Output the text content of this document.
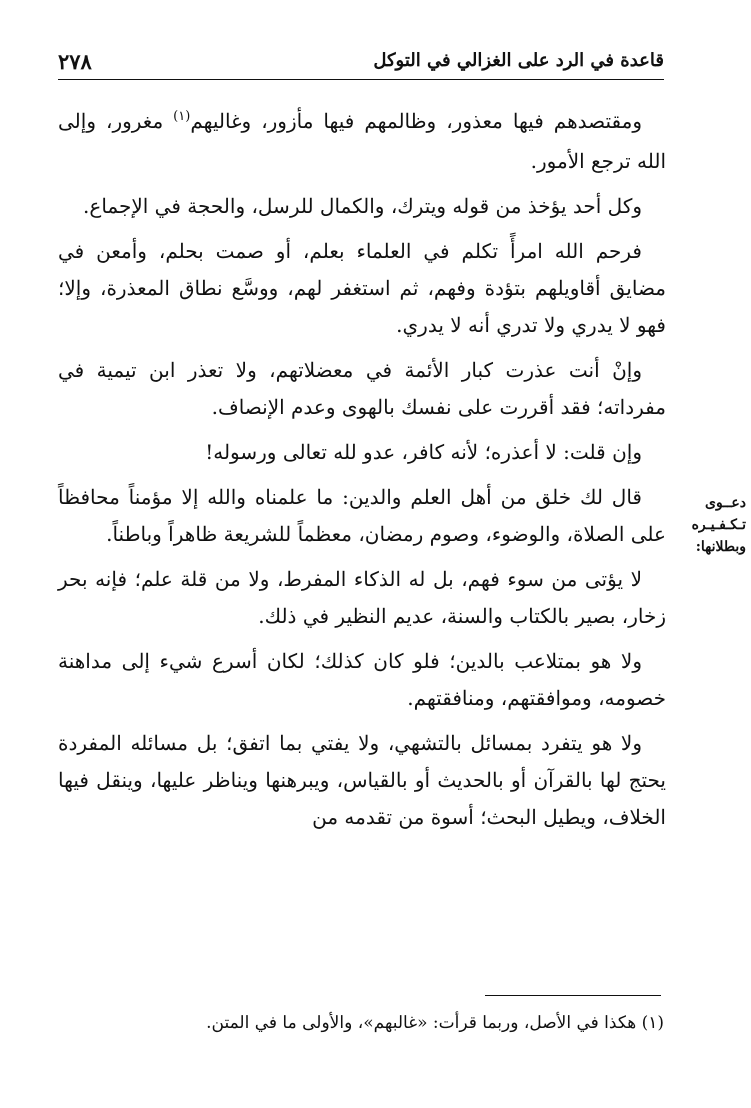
٢٧٨	قاعدة في الرد على الغزالي في التوكل

ومقتصدهم فيها معذور، وظالمهم فيها مأزور، وغاليهم$^{(١)}$ مغرور، وإلى الله ترجع الأمور.

وكل أحد يؤخذ من قوله ويترك، والكمال للرسل، والحجة في الإجماع.

فرحم الله امرأً تكلم في العلماء بعلم، أو صمت بحلم، وأمعن في مضايق أقاويلهم بتؤدة وفهم، ثم استغفر لهم، ووسَّع نطاق المعذرة، وإلا؛ فهو لا يدري ولا تدري أنه لا يدري.

وإنْ أنت عذرت كبار الأئمة في معضلاتهم، ولا تعذر ابن تيمية في مفرداته؛ فقد أقررت على نفسك بالهوى وعدم الإنصاف.

وإن قلت: لا أعذره؛ لأنه كافر، عدو لله تعالى ورسوله!

قال لك خلق من أهل العلم والدين: ما علمناه والله إلا مؤمناً محافظاً على الصلاة، والوضوء، وصوم رمضان، معظماً للشريعة ظاهراً وباطناً.

لا يؤتى من سوء فهم، بل له الذكاء المفرط، ولا من قلة علم؛ فإنه بحر زخار، بصير بالكتاب والسنة، عديم النظير في ذلك.

ولا هو بمتلاعب بالدين؛ فلو كان كذلك؛ لكان أسرع شيء إلى مداهنة خصومه، وموافقتهم، ومنافقتهم.

ولا هو يتفرد بمسائل بالتشهي، ولا يفتي بما اتفق؛ بل مسائله المفردة يحتج لها بالقرآن أو بالحديث أو بالقياس، ويبرهنها ويناظر عليها، وينقل فيها الخلاف، ويطيل البحث؛ أسوة من تقدمه من

دعــوى
تـكـفـيـره
وبطلانها:
(١) هكذا في الأصل، وربما قرأت: «غالبهم»، والأولى ما في المتن.
